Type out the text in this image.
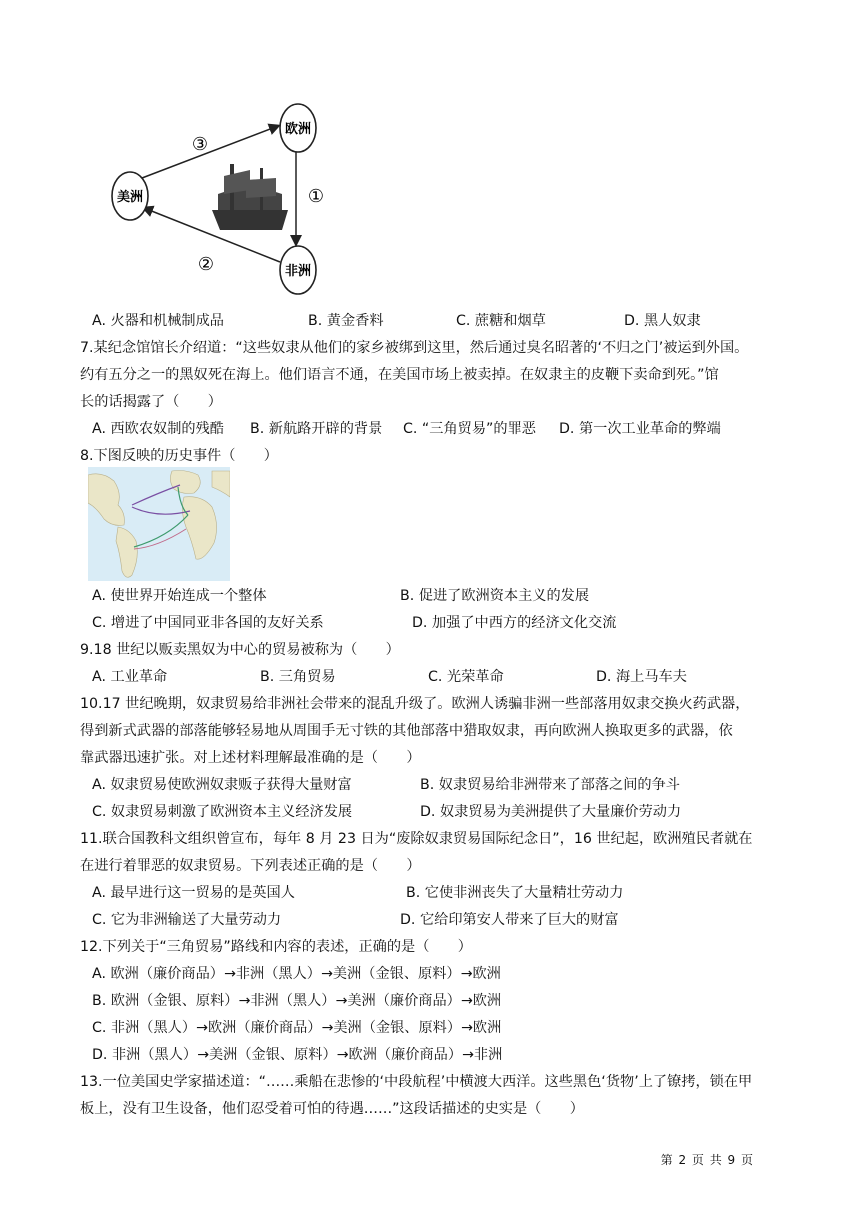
欧洲
美洲
非洲
③
①
②
A. 火器和机械制成品	B. 黄金香料	C. 蔗糖和烟草	D. 黑人奴隶
7.某纪念馆馆长介绍道：“这些奴隶从他们的家乡被绑到这里，然后通过臭名昭著的‘不归之门’被运到外国。
约有五分之一的黑奴死在海上。他们语言不通，在美国市场上被卖掉。在奴隶主的皮鞭下卖命到死。”馆
长的话揭露了（　　）
A. 西欧农奴制的残酷 B. 新航路开辟的背景 C. “三角贸易”的罪恶 D. 第一次工业革命的弊端
8.下图反映的历史事件（　　）
A. 使世界开始连成一个整体	B. 促进了欧洲资本主义的发展
C. 增进了中国同亚非各国的友好关系	D. 加强了中西方的经济文化交流
9.18 世纪以贩卖黑奴为中心的贸易被称为（　　）
A. 工业革命	B. 三角贸易	C. 光荣革命	D. 海上马车夫
10.17 世纪晚期，奴隶贸易给非洲社会带来的混乱升级了。欧洲人诱骗非洲一些部落用奴隶交换火药武器，
得到新式武器的部落能够轻易地从周围手无寸铁的其他部落中猎取奴隶，再向欧洲人换取更多的武器，依
靠武器迅速扩张。对上述材料理解最准确的是（　　）
A. 奴隶贸易使欧洲奴隶贩子获得大量财富	B. 奴隶贸易给非洲带来了部落之间的争斗
C. 奴隶贸易刺激了欧洲资本主义经济发展	D. 奴隶贸易为美洲提供了大量廉价劳动力
11.联合国教科文组织曾宣布，每年 8 月 23 日为“废除奴隶贸易国际纪念日”，16 世纪起，欧洲殖民者就在
在进行着罪恶的奴隶贸易。下列表述正确的是（　　）
A. 最早进行这一贸易的是英国人	B. 它使非洲丧失了大量精壮劳动力
C. 它为非洲输送了大量劳动力	D. 它给印第安人带来了巨大的财富
12.下列关于“三角贸易”路线和内容的表述，正确的是（　　）
A. 欧洲（廉价商品）→非洲（黑人）→美洲（金银、原料）→欧洲
B. 欧洲（金银、原料）→非洲（黑人）→美洲（廉价商品）→欧洲
C. 非洲（黑人）→欧洲（廉价商品）→美洲（金银、原料）→欧洲
D. 非洲（黑人）→美洲（金银、原料）→欧洲（廉价商品）→非洲
13.一位美国史学家描述道：“……乘船在悲惨的‘中段航程’中横渡大西洋。这些黑色‘货物’上了镣拷，锁在甲
板上，没有卫生设备，他们忍受着可怕的待遇……”这段话描述的史实是（　　）
第 2 页 共 9 页
